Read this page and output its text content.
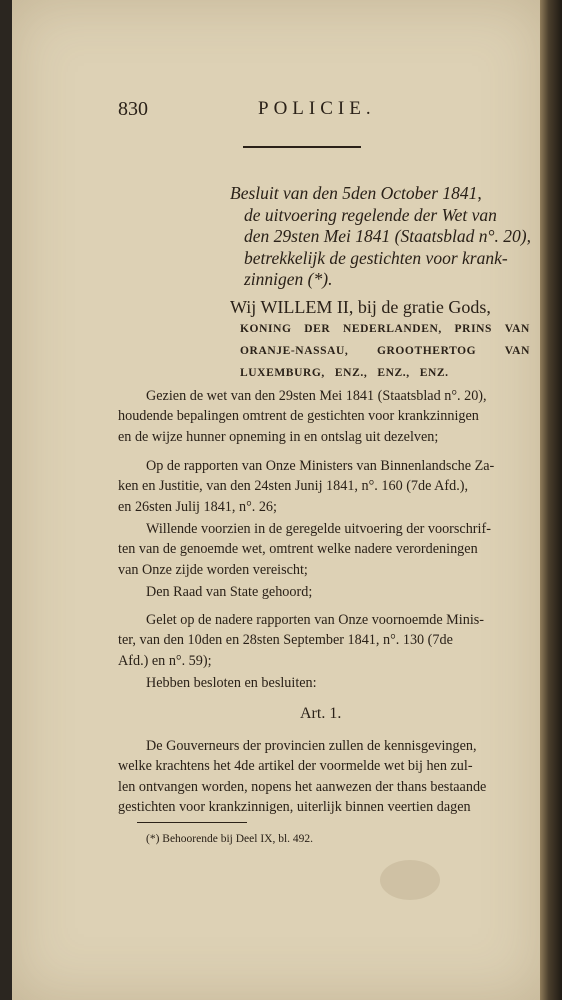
830	POLICIE.
Besluit van den 5den October 1841,
de uitvoering regelende der Wet van
den 29sten Mei 1841 (Staatsblad n°. 20),
betrekkelijk de gestichten voor krank-
zinnigen (*).
Wij WILLEM II, bij de gratie Gods,
KONING DER NEDERLANDEN, PRINS VAN
ORANJE-NASSAU, GROOTHERTOG VAN
LUXEMBURG, ENZ., ENZ., ENZ.
Gezien de wet van den 29sten Mei 1841 (Staatsblad n°. 20),
houdende bepalingen omtrent de gestichten voor krankzinnigen
en de wijze hunner opneming in en ontslag uit dezelven;
Op de rapporten van Onze Ministers van Binnenlandsche Za-
ken en Justitie, van den 24sten Junij 1841, n°. 160 (7de Afd.),
en 26sten Julij 1841, n°. 26;
Willende voorzien in de geregelde uitvoering der voorschrif-
ten van de genoemde wet, omtrent welke nadere verordeningen
van Onze zijde worden vereischt;
Den Raad van State gehoord;
Gelet op de nadere rapporten van Onze voornoemde Minis-
ter, van den 10den en 28sten September 1841, n°. 130 (7de
Afd.) en n°. 59);
Hebben besloten en besluiten:
Art. 1.
De Gouverneurs der provincien zullen de kennisgevingen,
welke krachtens het 4de artikel der voormelde wet bij hen zul-
len ontvangen worden, nopens het aanwezen der thans bestaande
gestichten voor krankzinnigen, uiterlijk binnen veertien dagen
(*) Behoorende bij Deel IX, bl. 492.
